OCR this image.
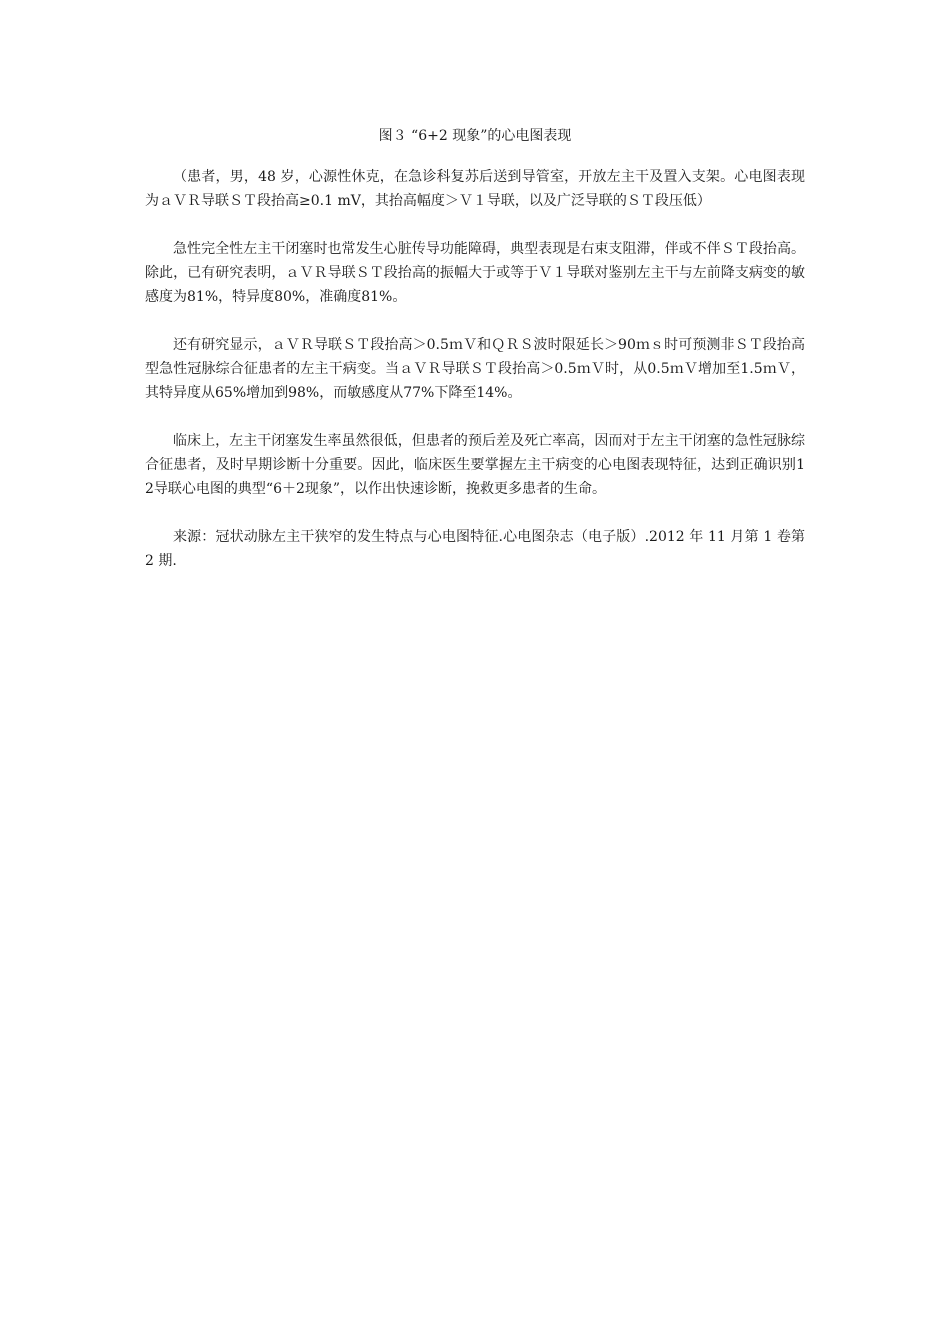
图３ “6+2 现象”的心电图表现

（患者，男，48 岁，心源性休克，在急诊科复苏后送到导管室，开放左主干及置入支架。心电图表现为ａＶＲ导联ＳＴ段抬高≥0.1 mV，其抬高幅度＞Ｖ１导联，以及广泛导联的ＳＴ段压低）

急性完全性左主干闭塞时也常发生心脏传导功能障碍，典型表现是右束支阻滞，伴或不伴ＳＴ段抬高。除此，已有研究表明，ａＶＲ导联ＳＴ段抬高的振幅大于或等于Ｖ１导联对鉴别左主干与左前降支病变的敏感度为81%，特异度80%，准确度81%。

还有研究显示，ａＶＲ导联ＳＴ段抬高＞0.5ｍＶ和ＱＲＳ波时限延长＞90ｍｓ时可预测非ＳＴ段抬高型急性冠脉综合征患者的左主干病变。当ａＶＲ导联ＳＴ段抬高＞0.5ｍＶ时，从0.5ｍＶ增加至1.5ｍＶ，其特异度从65%增加到98%，而敏感度从77%下降至14%。

临床上，左主干闭塞发生率虽然很低，但患者的预后差及死亡率高，因而对于左主干闭塞的急性冠脉综合征患者，及时早期诊断十分重要。因此，临床医生要掌握左主干病变的心电图表现特征，达到正确识别12导联心电图的典型“6＋2现象”，以作出快速诊断，挽救更多患者的生命。

来源：冠状动脉左主干狭窄的发生特点与心电图特征.心电图杂志（电子版）.2012 年 11 月第 1 卷第 2 期.
